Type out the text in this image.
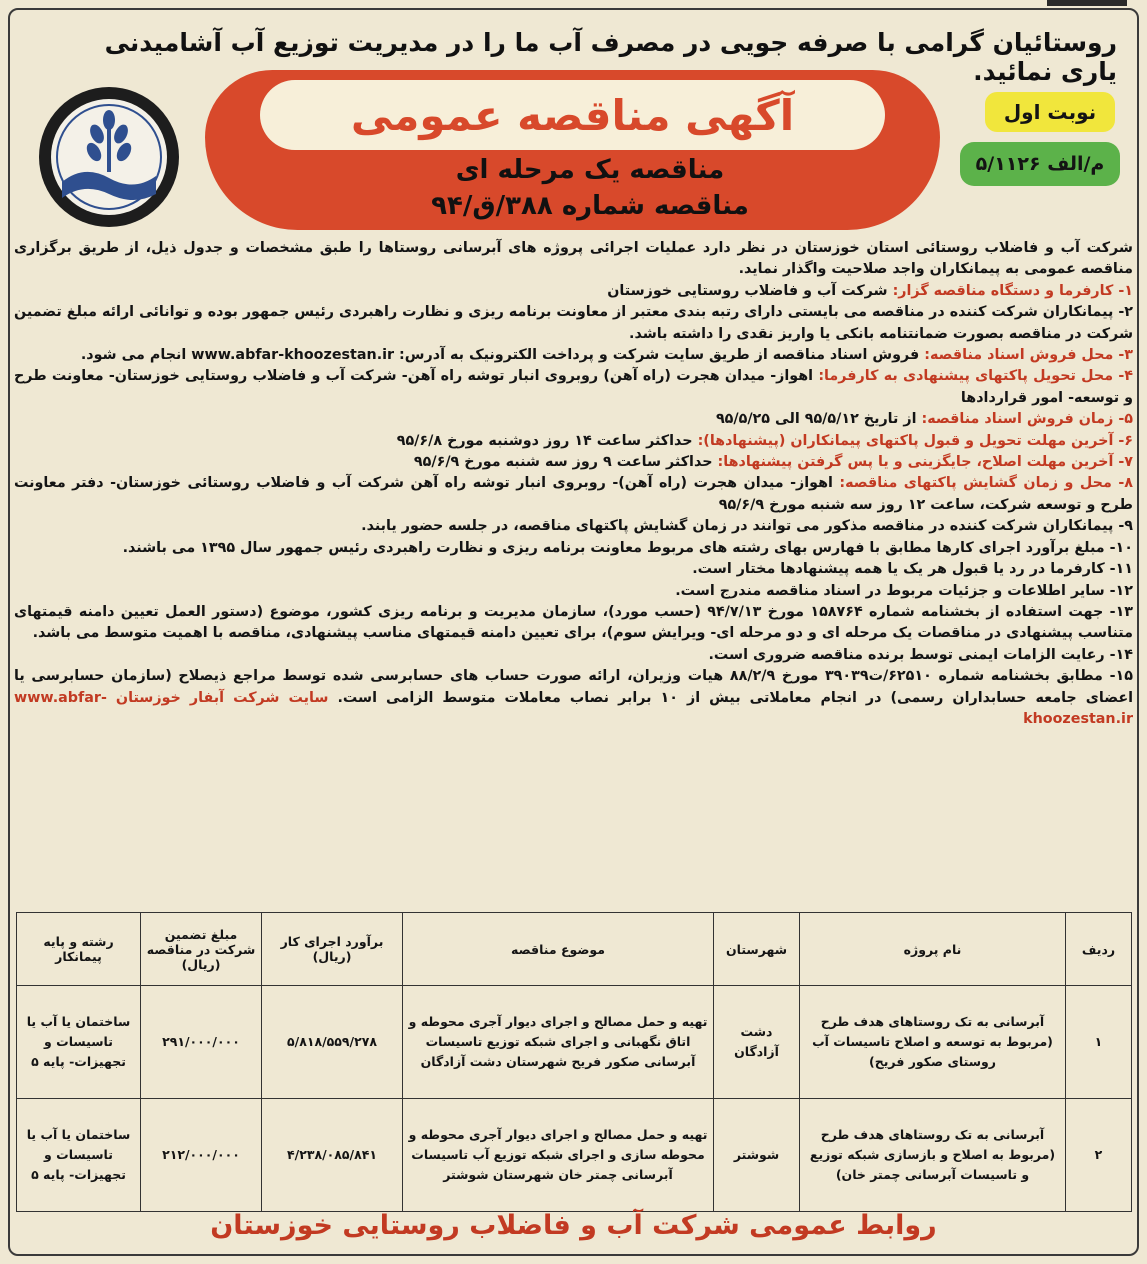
روستائیان گرامی با صرفه جویی در مصرف آب ما را در مدیریت توزیع آب آشامیدنی یاری نمائید.
آگهی مناقصه عمومی
مناقصه یک مرحله ای
مناقصه شماره ۳۸۸/ق/۹۴
نوبت اول
م/الف ۵/۱۱۲۶

شرکت آب و فاضلاب روستائی استان خوزستان در نظر دارد عملیات اجرائی پروژه های آبرسانی روستاها را طبق مشخصات و جدول ذیل، از طریق برگزاری مناقصه عمومی به پیمانکاران واجد صلاحیت واگذار نماید.

۱- کارفرما و دستگاه مناقصه گزار: شرکت آب و فاضلاب روستایی خوزستان

۲- پیمانکاران شرکت کننده در مناقصه می بایستی دارای رتبه بندی معتبر از معاونت برنامه ریزی و نظارت راهبردی رئیس جمهور بوده و توانائی ارائه مبلغ تضمین شرکت در مناقصه بصورت ضمانتنامه بانکی یا واریز نقدی را داشته باشد.

۳- محل فروش اسناد مناقصه: فروش اسناد مناقصه از طریق سایت شرکت و پرداخت الکترونیک به آدرس: www.abfar-khoozestan.ir انجام می شود.

۴- محل تحویل پاکتهای پیشنهادی به کارفرما: اهواز- میدان هجرت (راه آهن) روبروی انبار توشه راه آهن- شرکت آب و فاضلاب روستایی خوزستان- معاونت طرح و توسعه- امور قراردادها

۵- زمان فروش اسناد مناقصه: از تاریخ ۹۵/۵/۱۲ الی ۹۵/۵/۲۵

۶- آخرین مهلت تحویل و قبول پاکتهای پیمانکاران (پیشنهادها): حداکثر ساعت ۱۴ روز دوشنبه مورخ ۹۵/۶/۸

۷- آخرین مهلت اصلاح، جایگزینی و یا پس گرفتن پیشنهادها: حداکثر ساعت ۹ روز سه شنبه مورخ ۹۵/۶/۹

۸- محل و زمان گشایش پاکتهای مناقصه: اهواز- میدان هجرت (راه آهن)- روبروی انبار توشه راه آهن شرکت آب و فاضلاب روستائی خوزستان- دفتر معاونت طرح و توسعه شرکت، ساعت ۱۲ روز سه شنبه مورخ ۹۵/۶/۹

۹- پیمانکاران شرکت کننده در مناقصه مذکور می توانند در زمان گشایش پاکتهای مناقصه، در جلسه حضور یابند.

۱۰- مبلغ برآورد اجرای کارها مطابق با فهارس بهای رشته های مربوط معاونت برنامه ریزی و نظارت راهبردی رئیس جمهور سال ۱۳۹۵ می باشند.

۱۱- کارفرما در رد یا قبول هر یک یا همه پیشنهادها مختار است.

۱۲- سایر اطلاعات و جزئیات مربوط در اسناد مناقصه مندرج است.

۱۳- جهت استفاده از بخشنامه شماره ۱۵۸۷۶۴ مورخ ۹۴/۷/۱۳ (حسب مورد)، سازمان مدیریت و برنامه ریزی کشور، موضوع (دستور العمل تعیین دامنه قیمتهای متناسب پیشنهادی در مناقصات یک مرحله ای و دو مرحله ای- ویرایش سوم)، برای تعیین دامنه قیمتهای مناسب پیشنهادی، مناقصه با اهمیت متوسط می باشد.

۱۴- رعایت الزامات ایمنی توسط برنده مناقصه ضروری است.

۱۵- مطابق بخشنامه شماره ۶۲۵۱۰/ت۳۹۰۳۹ مورخ ۸۸/۲/۹ هیات وزیران، ارائه صورت حساب های حسابرسی شده توسط مراجع ذیصلاح (سازمان حسابرسی یا اعضای جامعه حسابداران رسمی) در انجام معاملاتی بیش از ۱۰ برابر نصاب معاملات متوسط الزامی است. سایت شرکت آبفار خوزستان www.abfar-khoozestan.ir

ردیف	نام پروژه	شهرستان	موضوع مناقصه	برآورد اجرای کار (ریال)	مبلغ تضمین شرکت در مناقصه (ریال)	رشته و پایه پیمانکار
۱	آبرسانی به تک روستاهای هدف طرح (مربوط به توسعه و اصلاح تاسیسات آب روستای صکور فریح)	دشت آزادگان	تهیه و حمل مصالح و اجرای دیوار آجری محوطه و اتاق نگهبانی و اجرای شبکه توزیع تاسیسات آبرسانی صکور فریح شهرستان دشت آزادگان	۵/۸۱۸/۵۵۹/۲۷۸	۲۹۱/۰۰۰/۰۰۰	ساختمان یا آب یا تاسیسات و تجهیزات- پایه ۵
۲	آبرسانی به تک روستاهای هدف طرح (مربوط به اصلاح و بازسازی شبکه توزیع و تاسیسات آبرسانی چمتر خان)	شوشتر	تهیه و حمل مصالح و اجرای دیوار آجری محوطه و محوطه سازی و اجرای شبکه توزیع آب تاسیسات آبرسانی چمتر خان شهرستان شوشتر	۴/۲۳۸/۰۸۵/۸۴۱	۲۱۲/۰۰۰/۰۰۰	ساختمان یا آب یا تاسیسات و تجهیزات- پایه ۵
روابط عمومی شرکت آب و فاضلاب روستایی خوزستان
